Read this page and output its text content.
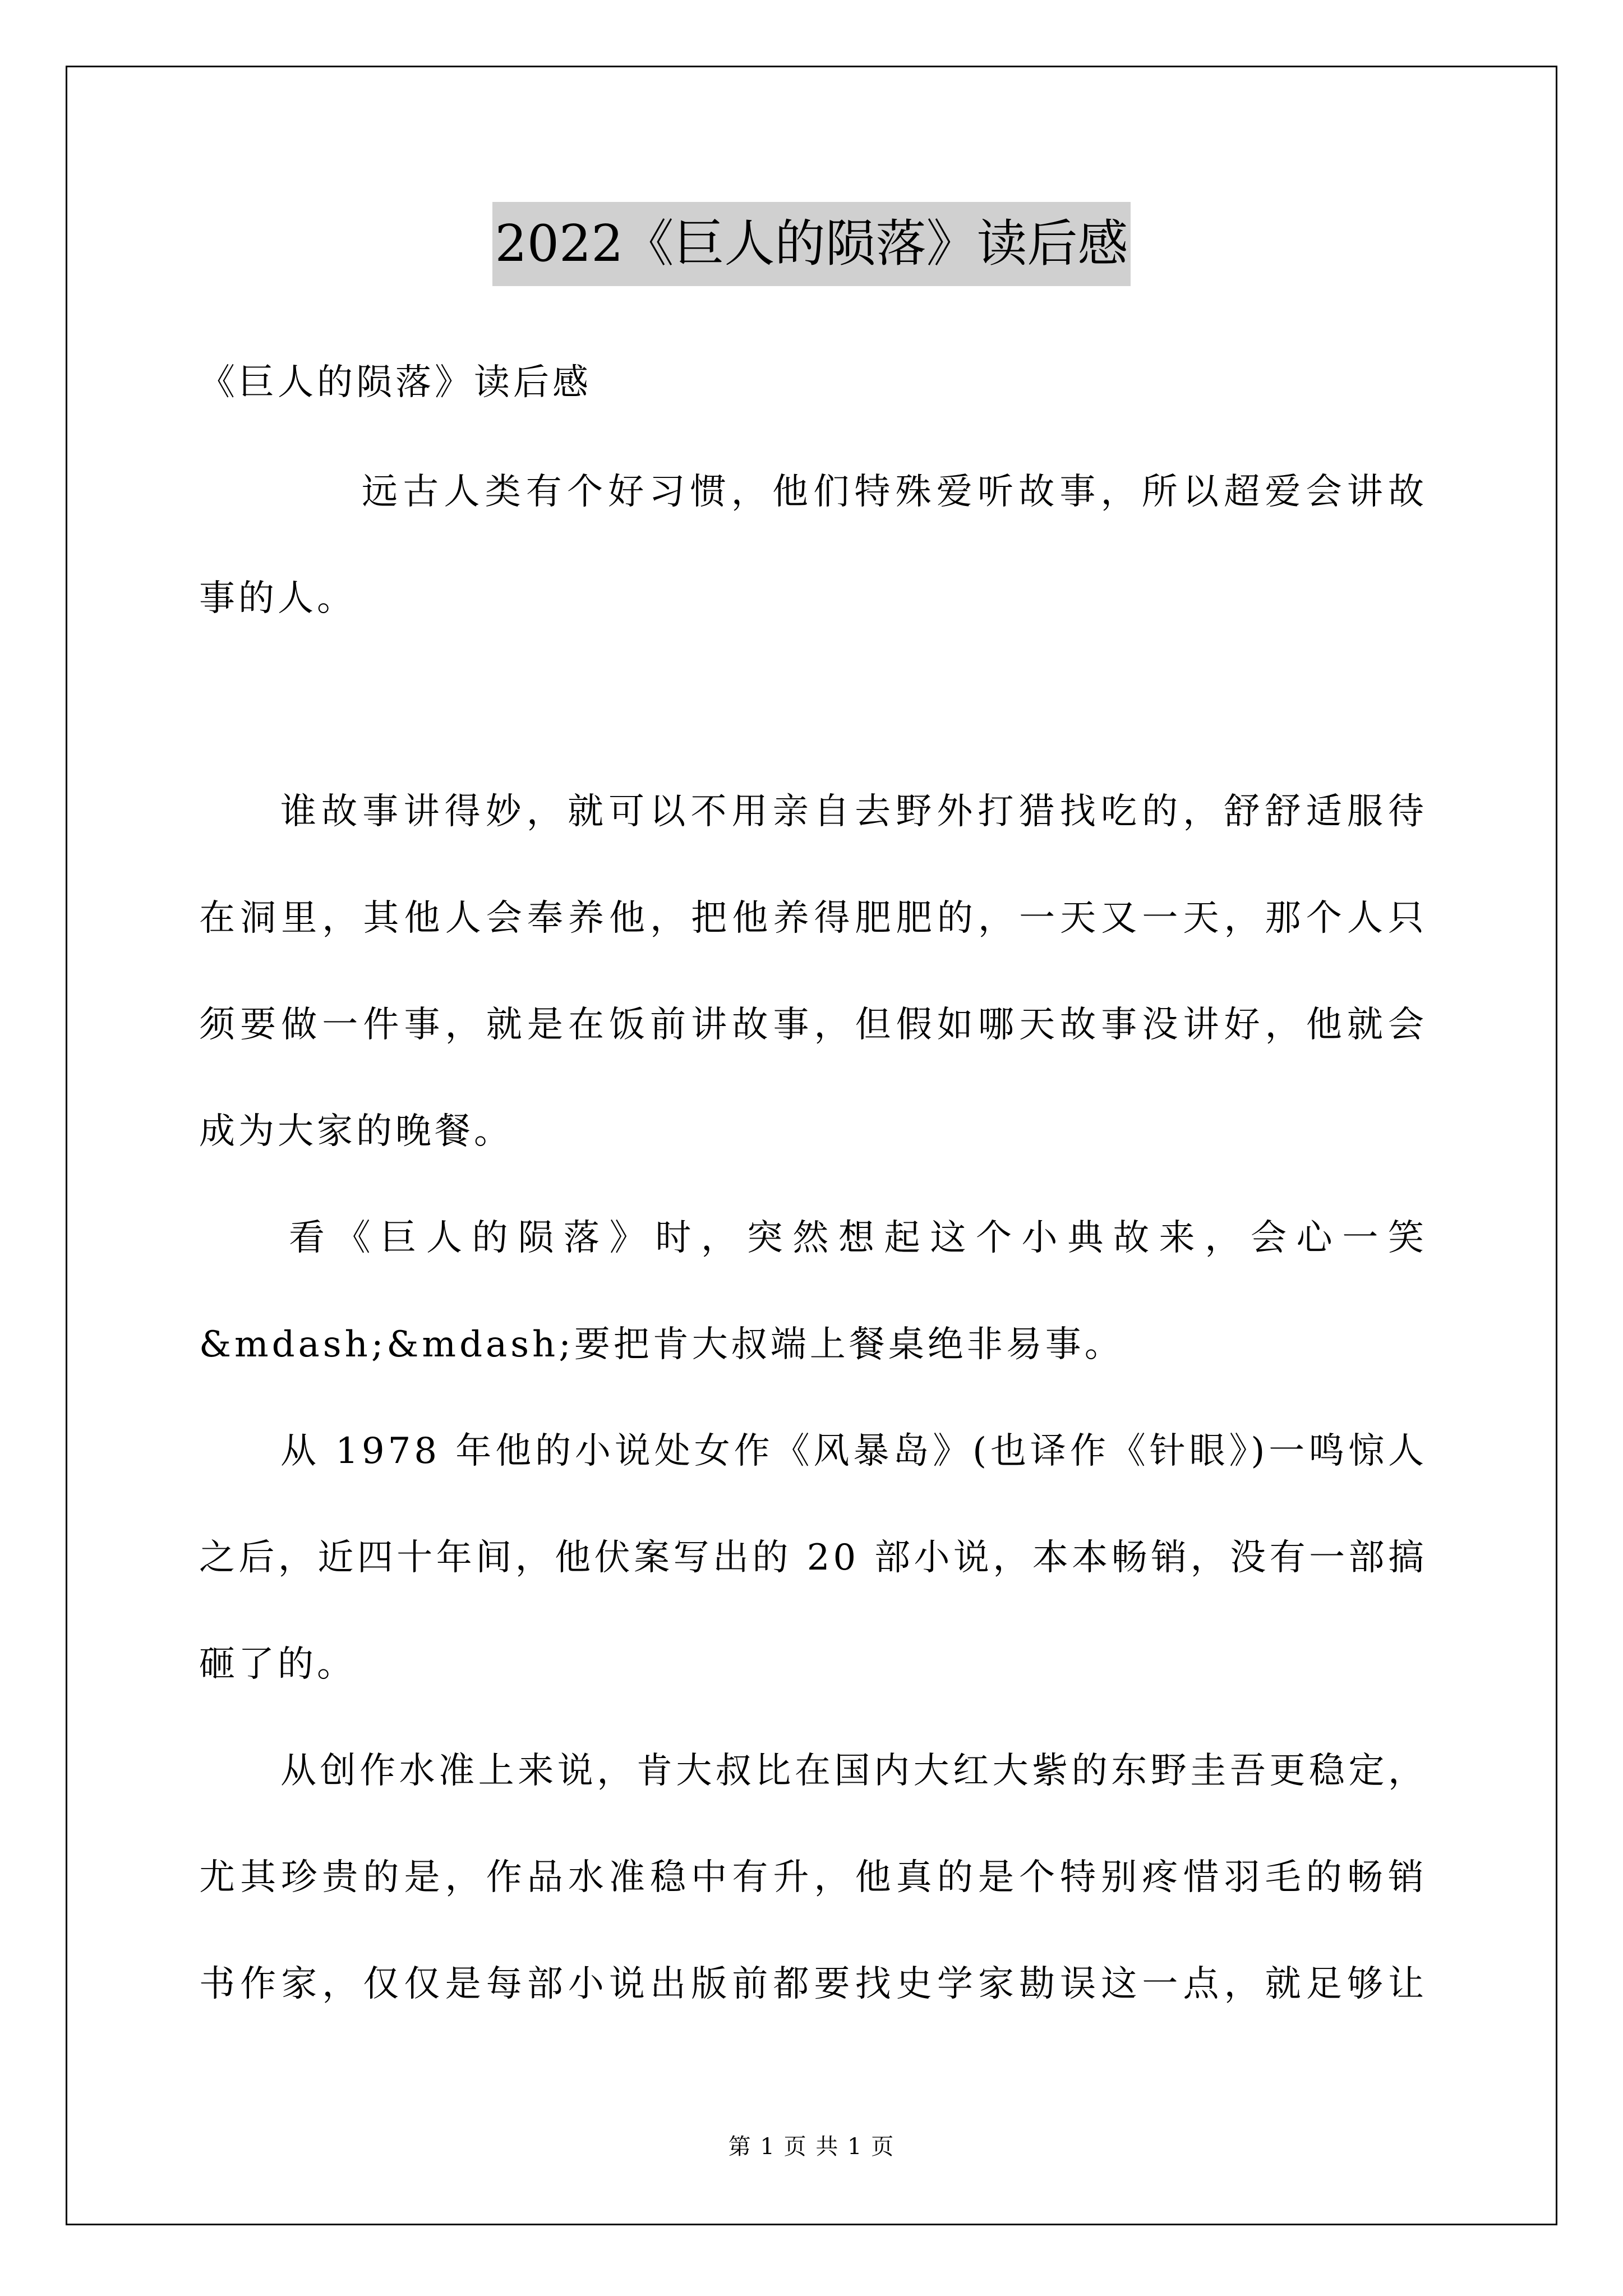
2022《巨人的陨落》读后感
《巨人的陨落》读后感
远古人类有个好习惯，他们特殊爱听故事，所以超爱会讲故
事的人。
谁故事讲得妙，就可以不用亲自去野外打猎找吃的，舒舒适服待
在洞里，其他人会奉养他，把他养得肥肥的，一天又一天，那个人只
须要做一件事，就是在饭前讲故事，但假如哪天故事没讲好，他就会
成为大家的晚餐。
看《巨人的陨落》时，突然想起这个小典故来，会心一笑
&mdash;&mdash;要把肯大叔端上餐桌绝非易事。
从 1978 年他的小说处女作《风暴岛》(也译作《针眼》)一鸣惊人
之后，近四十年间，他伏案写出的 20 部小说，本本畅销，没有一部搞
砸了的。
从创作水准上来说，肯大叔比在国内大红大紫的东野圭吾更稳定，
尤其珍贵的是，作品水准稳中有升，他真的是个特别疼惜羽毛的畅销
书作家，仅仅是每部小说出版前都要找史学家勘误这一点，就足够让
第 1 页 共 1 页
